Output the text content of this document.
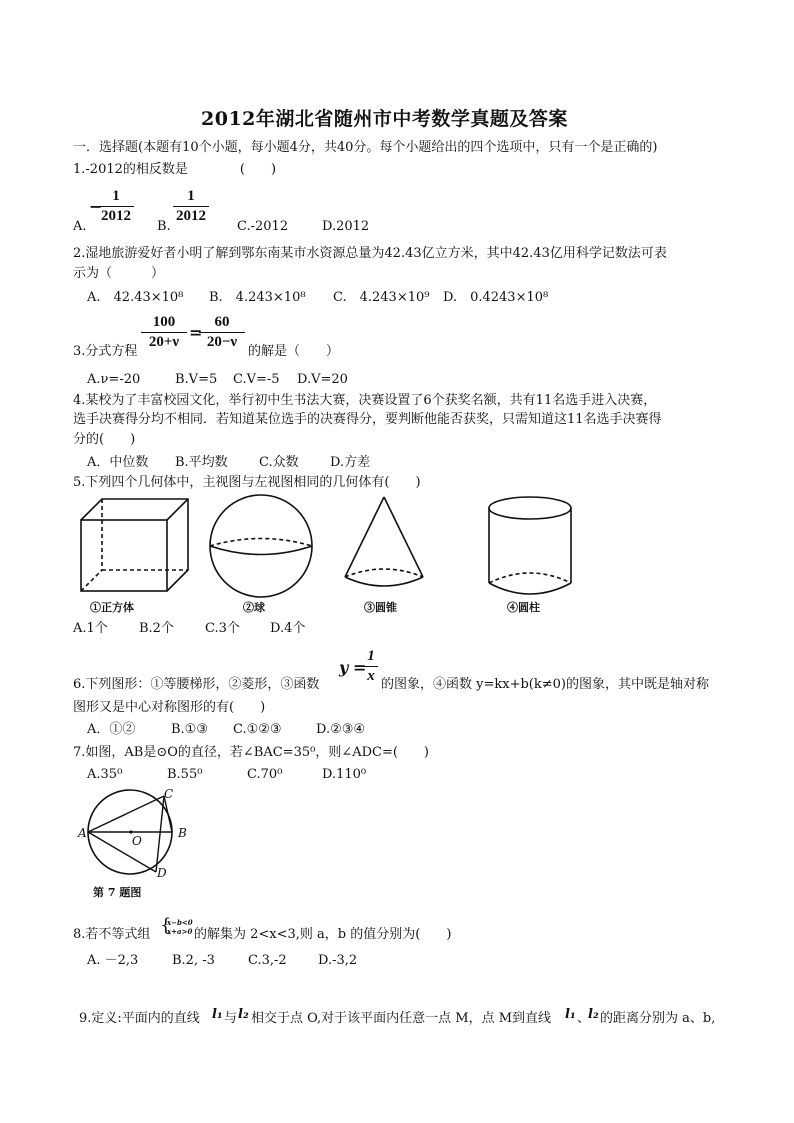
2012年湖北省随州市中考数学真题及答案
一．选择题(本题有10个小题，每小题4分，共40分。每个小题给出的四个选项中，只有一个是正确的)
1.-2012的相反数是　　　　(　　)
A.
−
1
2012
B.
1
2012
C.-2012	D.2012
2.湿地旅游爱好者小明了解到鄂东南某市水资源总量为42.43亿立方米，其中42.43亿用科学记数法可表
示为（　　　）
A.　42.43×10⁸ B.　4.243×10⁸ C.　4.243×10⁹ D.　0.4243×10⁸
3.分式方程
100
20+ν =
60
20−ν
的解是（　　）
A.ν=-20	B.V=5 C.V=-5 D.V=20
4.某校为了丰富校园文化，举行初中生书法大赛，决赛设置了6个获奖名额，共有11名选手进入决赛，
选手决赛得分均不相同．若知道某位选手的决赛得分，要判断他能否获奖，只需知道这11名选手决赛得
分的(　　)
A．中位数 B.平均数 C.众数 D.方差
5.下列四个几何体中，主视图与左视图相同的几何体有(　　)
①正方体	②球	③圆锥	④圆柱
A.1个 B.2个 C.3个 D.4个
y =
1
x
6.下列图形：①等腰梯形，②菱形，③函数	的图象，④函数 y=kx+b(k≠0)的图象，其中既是轴对称
图形又是中心对称图形的有(　　)
A．①②	B.①③ C.①②③	D.②③④
7.如图，AB是⊙O的直径，若∠BAC=35⁰，则∠ADC=(　　)
A.35⁰	B.55⁰	C.70⁰	D.110⁰
A	B
C
D
O
第 7 题图
8.若不等式组 {
x−b<0
x+a>0 的解集为 2<x<3,则 a，b 的值分别为(　　)
A. －2,3	B.2, -3	C.3,-2 D.-3,2
9.定义:平面内的直线 l₁ 与 l₂ 相交于点 O,对于该平面内任意一点 M，点 M到直线 l₁ 、
l₂ 的距离分别为 a、b,
